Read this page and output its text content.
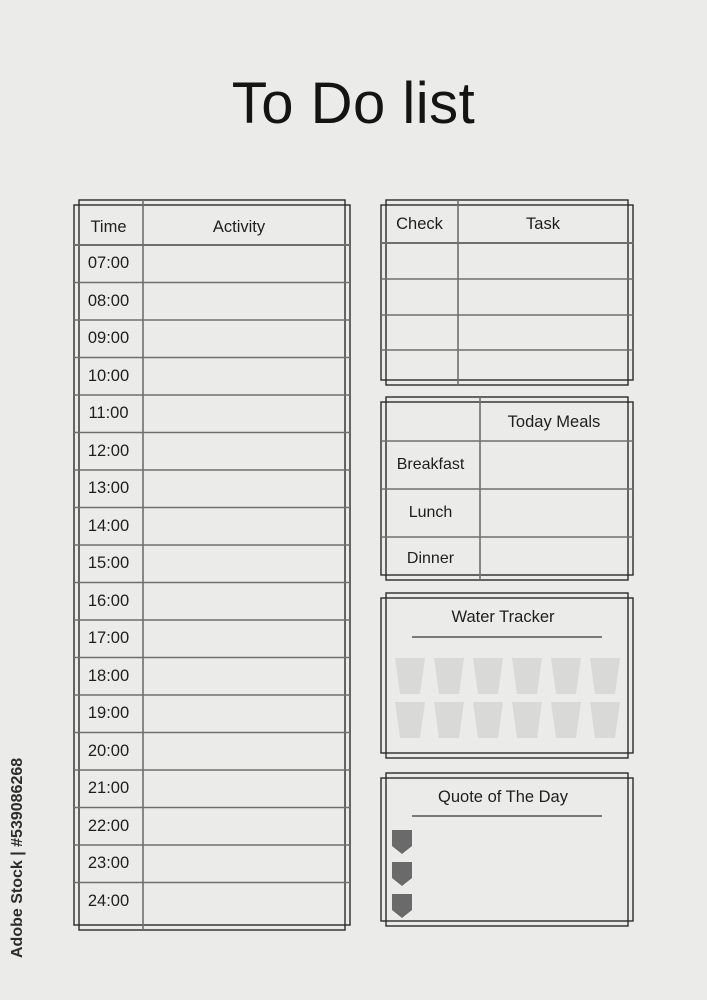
To Do list
Adobe Stock | #539086268
Time	Activity
07:00
08:00
09:00
10:00
11:00
12:00
13:00
14:00
15:00
16:00
17:00
18:00
19:00
20:00
21:00
22:00
23:00
24:00
Check	Task
Today Meals
Breakfast
Lunch
Dinner
Water Tracker
Quote of The Day
